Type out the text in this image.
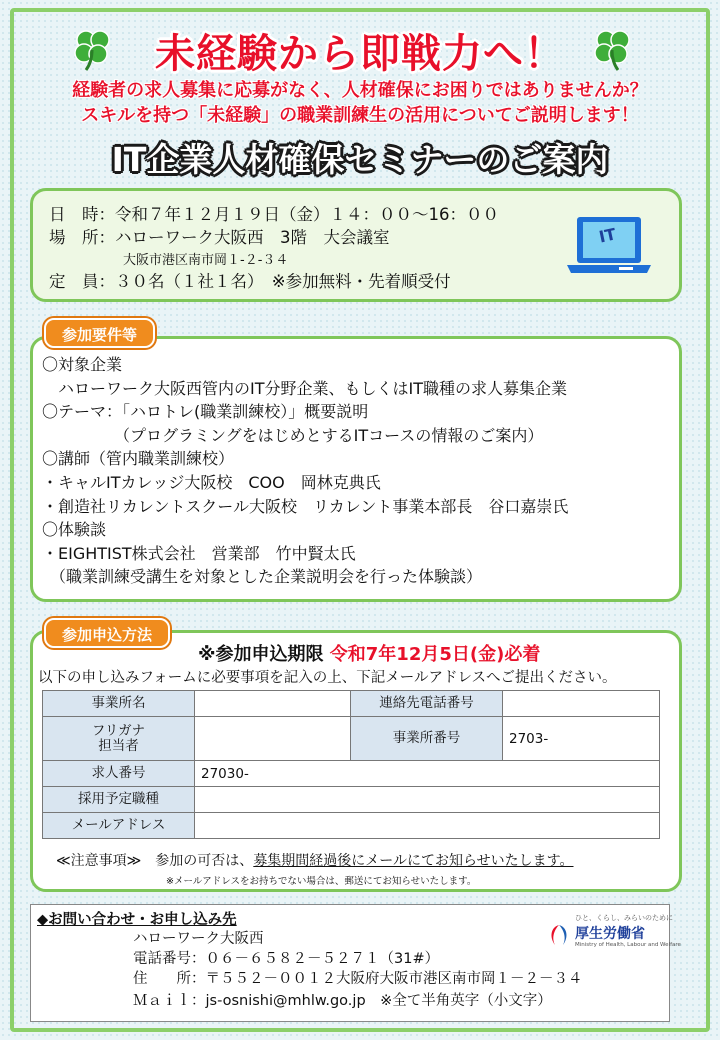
未経験から即戦力へ！
経験者の求人募集に応募がなく、人材確保にお困りではありませんか？
スキルを持つ「未経験」の職業訓練生の活用についてご説明します！
IT企業人材確保セミナーのご案内
日　時：令和７年１２月１９日（金）１４：００～16：００
場　所：ハローワーク大阪西　3階　大会議室
大阪市港区南市岡１-２-３４
定　員：３０名（１社１名）　※参加無料・先着順受付
IT
参加要件等
〇対象企業
　ハローワーク大阪西管内のIT分野企業、もしくはIT職種の求人募集企業
〇テーマ：「ハロトレ(職業訓練校）」概要説明
　　　　　（プログラミングをはじめとするITコースの情報のご案内）
〇講師（管内職業訓練校）
・キャルITカレッジ大阪校　COO　岡林克典氏
・創造社リカレントスクール大阪校　リカレント事業本部長　谷口嘉崇氏
〇体験談
・EIGHTIST株式会社　営業部　竹中賢太氏
　（職業訓練受講生を対象とした企業説明会を行った体験談）
参加申込方法
※参加申込期限 令和7年12月5日(金)必着
以下の申し込みフォームに必要事項を記入の上、下記メールアドレスへご提出ください。
事業所名		連絡先電話番号	
フリガナ
担当者		事業所番号	2703-
求人番号	27030-		
採用予定職種			
メールアドレス			
≪注意事項≫　参加の可否は、募集期間経過後にメールにてお知らせいたします。
※メールアドレスをお持ちでない場合は、郵送にてお知らせいたします。
◆お問い合わせ・お申し込み先
ハローワーク大阪西
電話番号：０６－６５８２－５２７１（31#）
住　　所：〒５５２－００１２大阪府大阪市港区南市岡１－２－３４
Ｍａｉｌ：js-osnishi@mhlw.go.jp　※全て半角英字（小文字）
ひと、くらし、みらいのために
厚生労働省
Ministry of Health, Labour and Welfare
